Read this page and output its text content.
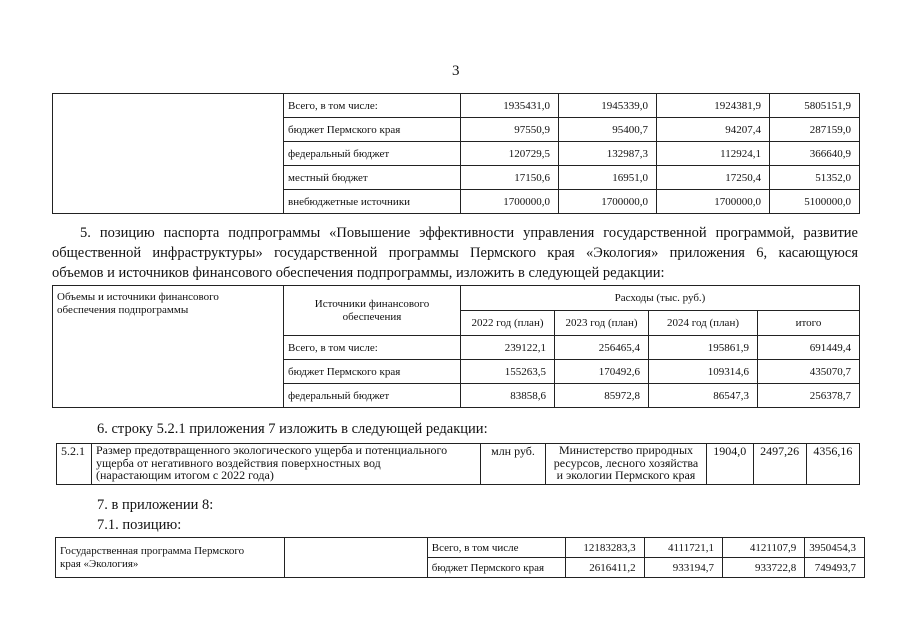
3
	Всего, в том числе:	1935431,0	1945339,0	1924381,9	5805151,9
	бюджет Пермского края	97550,9	95400,7	94207,4	287159,0
	федеральный бюджет	120729,5	132987,3	112924,1	366640,9
	местный бюджет	17150,6	16951,0	17250,4	51352,0
	внебюджетные источники	1700000,0	1700000,0	1700000,0	5100000,0
5. позицию паспорта подпрограммы «Повышение эффективности управления государственной программой, развитие
общественной инфраструктуры» государственной программы Пермского края «Экология» приложения 6, касающуюся
объемов и источников финансового обеспечения подпрограммы, изложить в следующей редакции:
Объемы и источники финансового обеспечения подпрограммы	Источники финансового обеспечения	Расходы (тыс. руб.)			
		2022 год (план)	2023 год (план)	2024 год (план)	итого
	Всего, в том числе:	239122,1	256465,4	195861,9	691449,4
	бюджет Пермского края	155263,5	170492,6	109314,6	435070,7
	федеральный бюджет	83858,6	85972,8	86547,3	256378,7
6. строку 5.2.1 приложения 7 изложить в следующей редакции:
5.2.1	Размер предотвращенного экологического ущерба и потенциального
ущерба от негативного воздействия поверхностных вод
(нарастающим итогом с 2022 года)
	млн руб.	Министерство природных
ресурсов, лесного хозяйства
и экологии Пермского края
	1904,0	2497,26	4356,16
7. в приложении 8:
7.1. позицию:
Государственная программа Пермского
края «Экология»		Всего, в том числе	12183283,3	4111721,1	4121107,9	3950454,3
		бюджет Пермского края	2616411,2	933194,7	933722,8	749493,7
